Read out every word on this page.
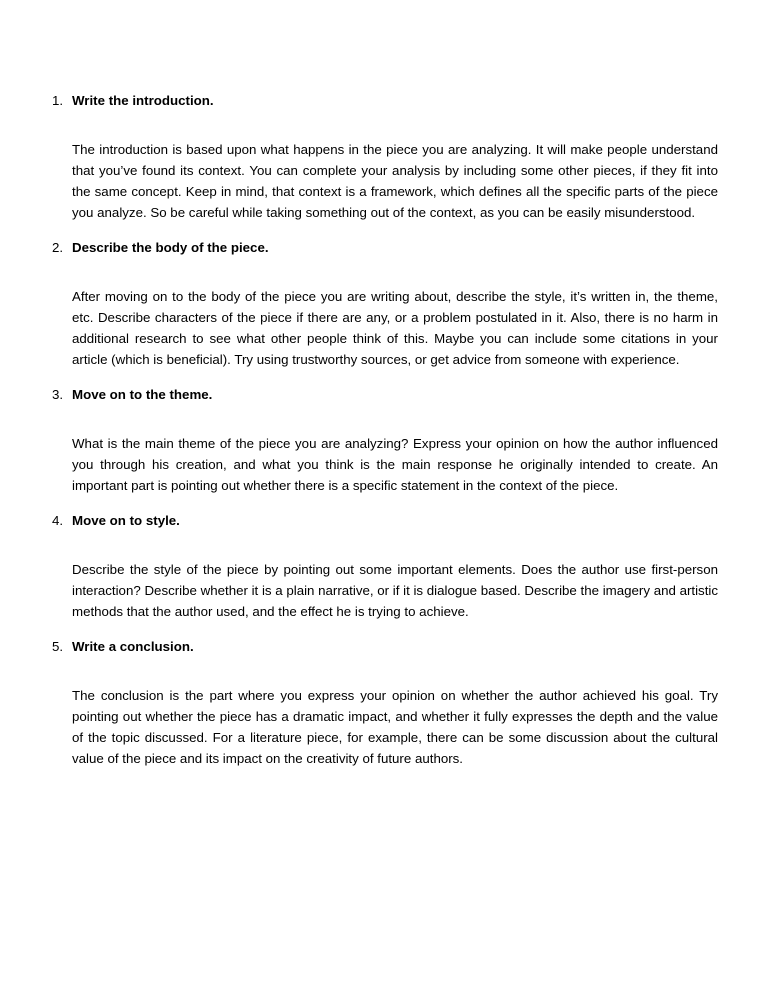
1. Write the introduction.
The introduction is based upon what happens in the piece you are analyzing. It will make people understand that you’ve found its context. You can complete your analysis by including some other pieces, if they fit into the same concept. Keep in mind, that context is a framework, which defines all the specific parts of the piece you analyze. So be careful while taking something out of the context, as you can be easily misunderstood.
2. Describe the body of the piece.
After moving on to the body of the piece you are writing about, describe the style, it’s written in, the theme, etc. Describe characters of the piece if there are any, or a problem postulated in it. Also, there is no harm in additional research to see what other people think of this. Maybe you can include some citations in your article (which is beneficial). Try using trustworthy sources, or get advice from someone with experience.
3. Move on to the theme.
What is the main theme of the piece you are analyzing? Express your opinion on how the author influenced you through his creation, and what you think is the main response he originally intended to create. An important part is pointing out whether there is a specific statement in the context of the piece.
4. Move on to style.
Describe the style of the piece by pointing out some important elements. Does the author use first-person interaction? Describe whether it is a plain narrative, or if it is dialogue based. Describe the imagery and artistic methods that the author used, and the effect he is trying to achieve.
5. Write a conclusion.
The conclusion is the part where you express your opinion on whether the author achieved his goal. Try pointing out whether the piece has a dramatic impact, and whether it fully expresses the depth and the value of the topic discussed. For a literature piece, for example, there can be some discussion about the cultural value of the piece and its impact on the creativity of future authors.
